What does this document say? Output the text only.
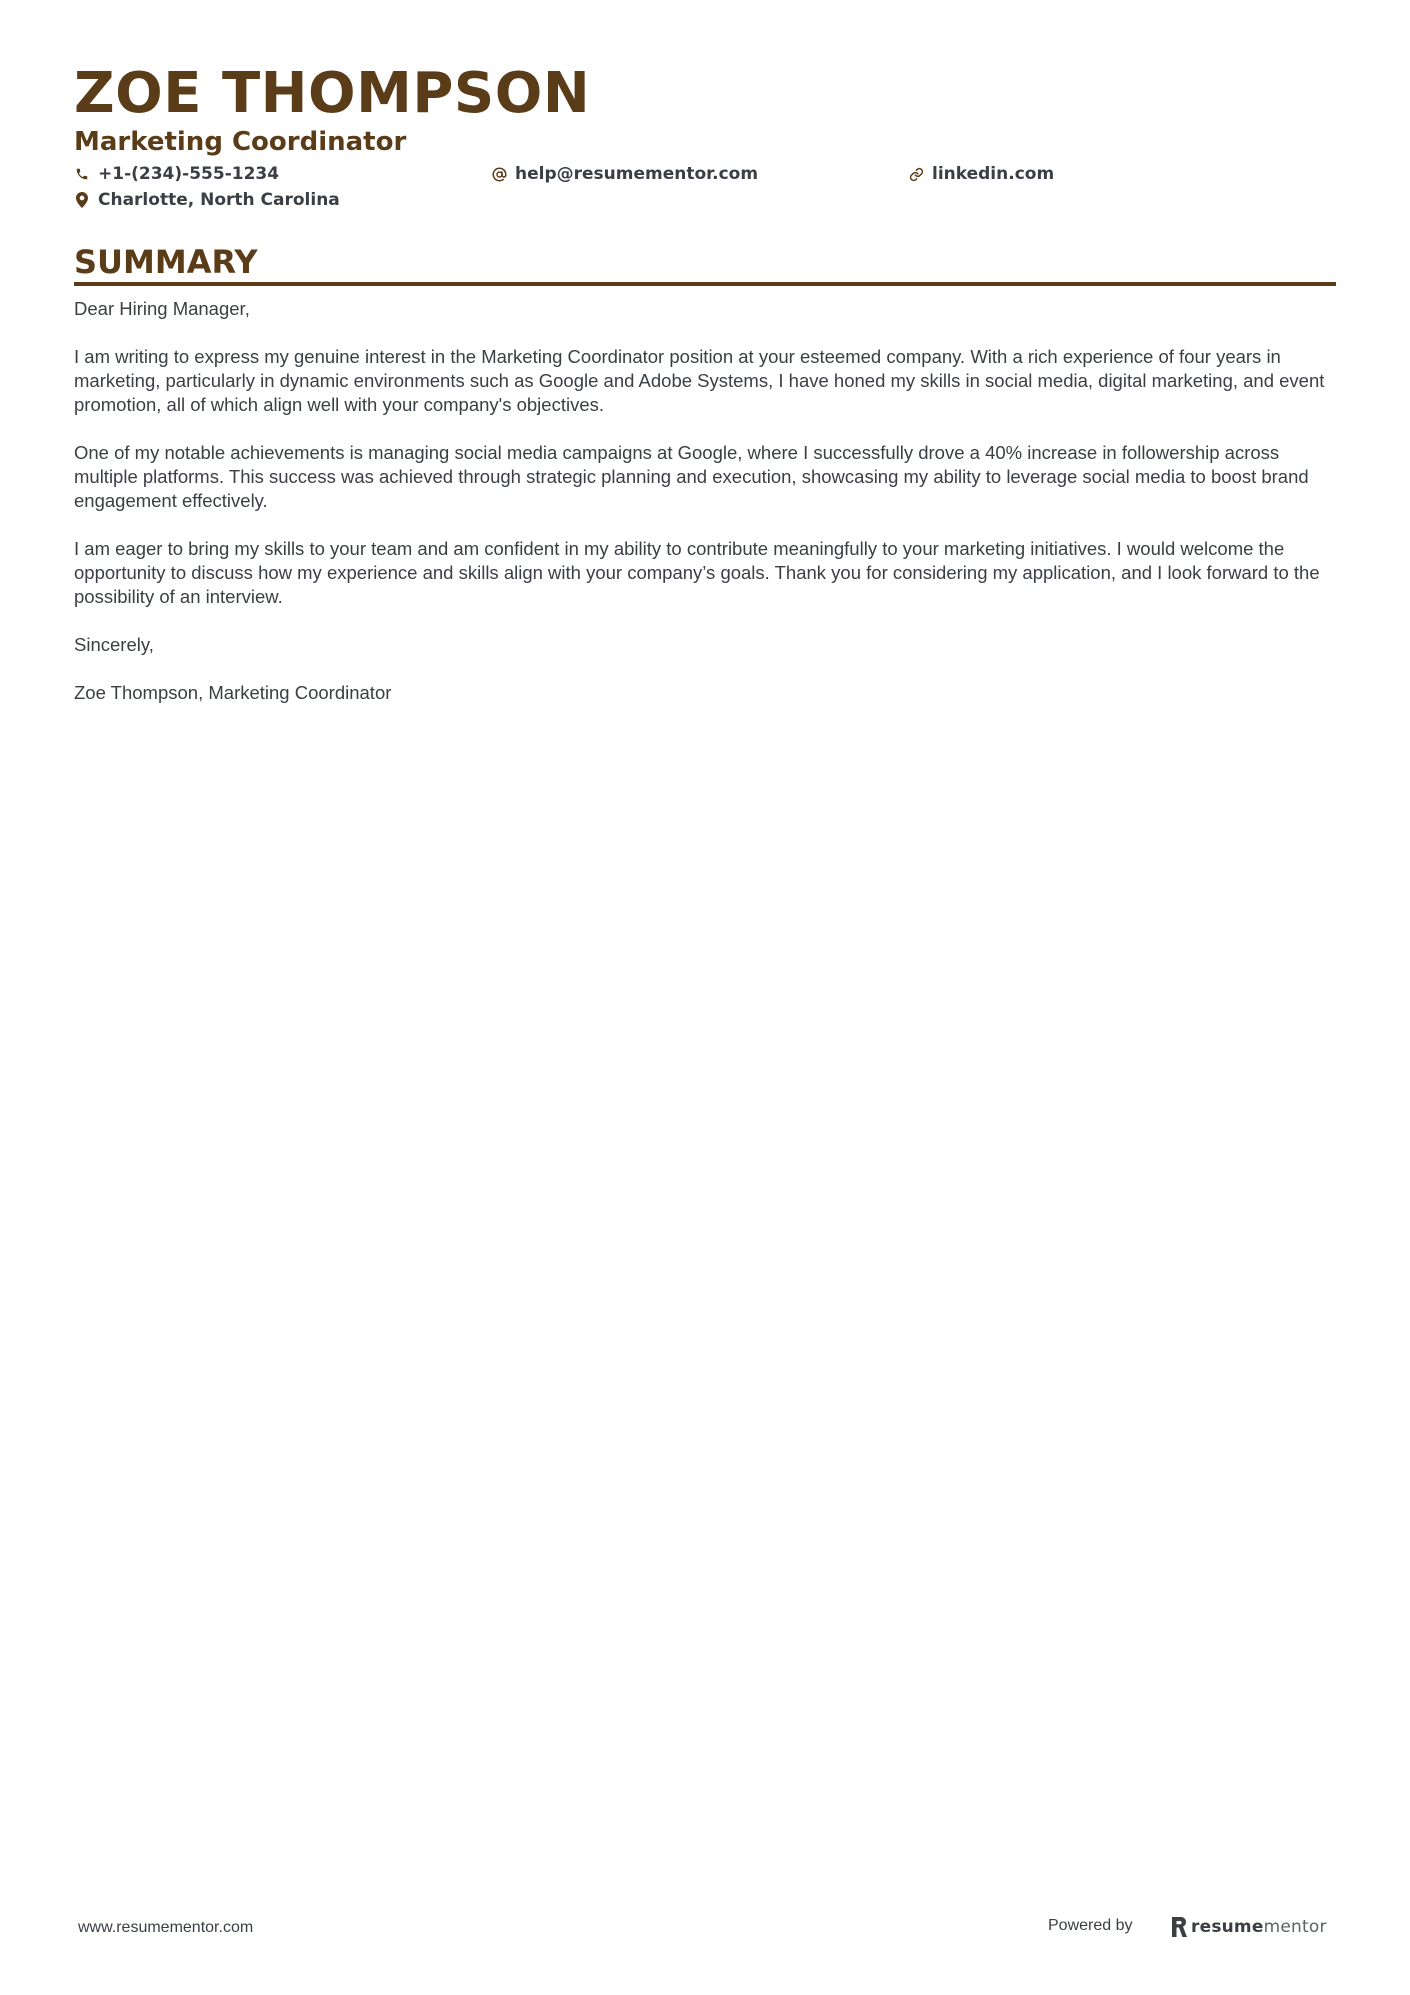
ZOE THOMPSON
Marketing Coordinator
+1-(234)-555-1234	help@resumementor.com	linkedin.com
Charlotte, North Carolina
SUMMARY

Dear Hiring Manager,

I am writing to express my genuine interest in the Marketing Coordinator position at your esteemed company. With a rich experience of four years in marketing, particularly in dynamic environments such as Google and Adobe Systems, I have honed my skills in social media, digital marketing, and event promotion, all of which align well with your company's objectives.

One of my notable achievements is managing social media campaigns at Google, where I successfully drove a 40% increase in followership across multiple platforms. This success was achieved through strategic planning and execution, showcasing my ability to leverage social media to boost brand engagement effectively.

I am eager to bring my skills to your team and am confident in my ability to contribute meaningfully to your marketing initiatives. I would welcome the opportunity to discuss how my experience and skills align with your company’s goals. Thank you for considering my application, and I look forward to the possibility of an interview.

Sincerely,

Zoe Thompson, Marketing Coordinator

www.resumementor.com	Powered by	resumementor
